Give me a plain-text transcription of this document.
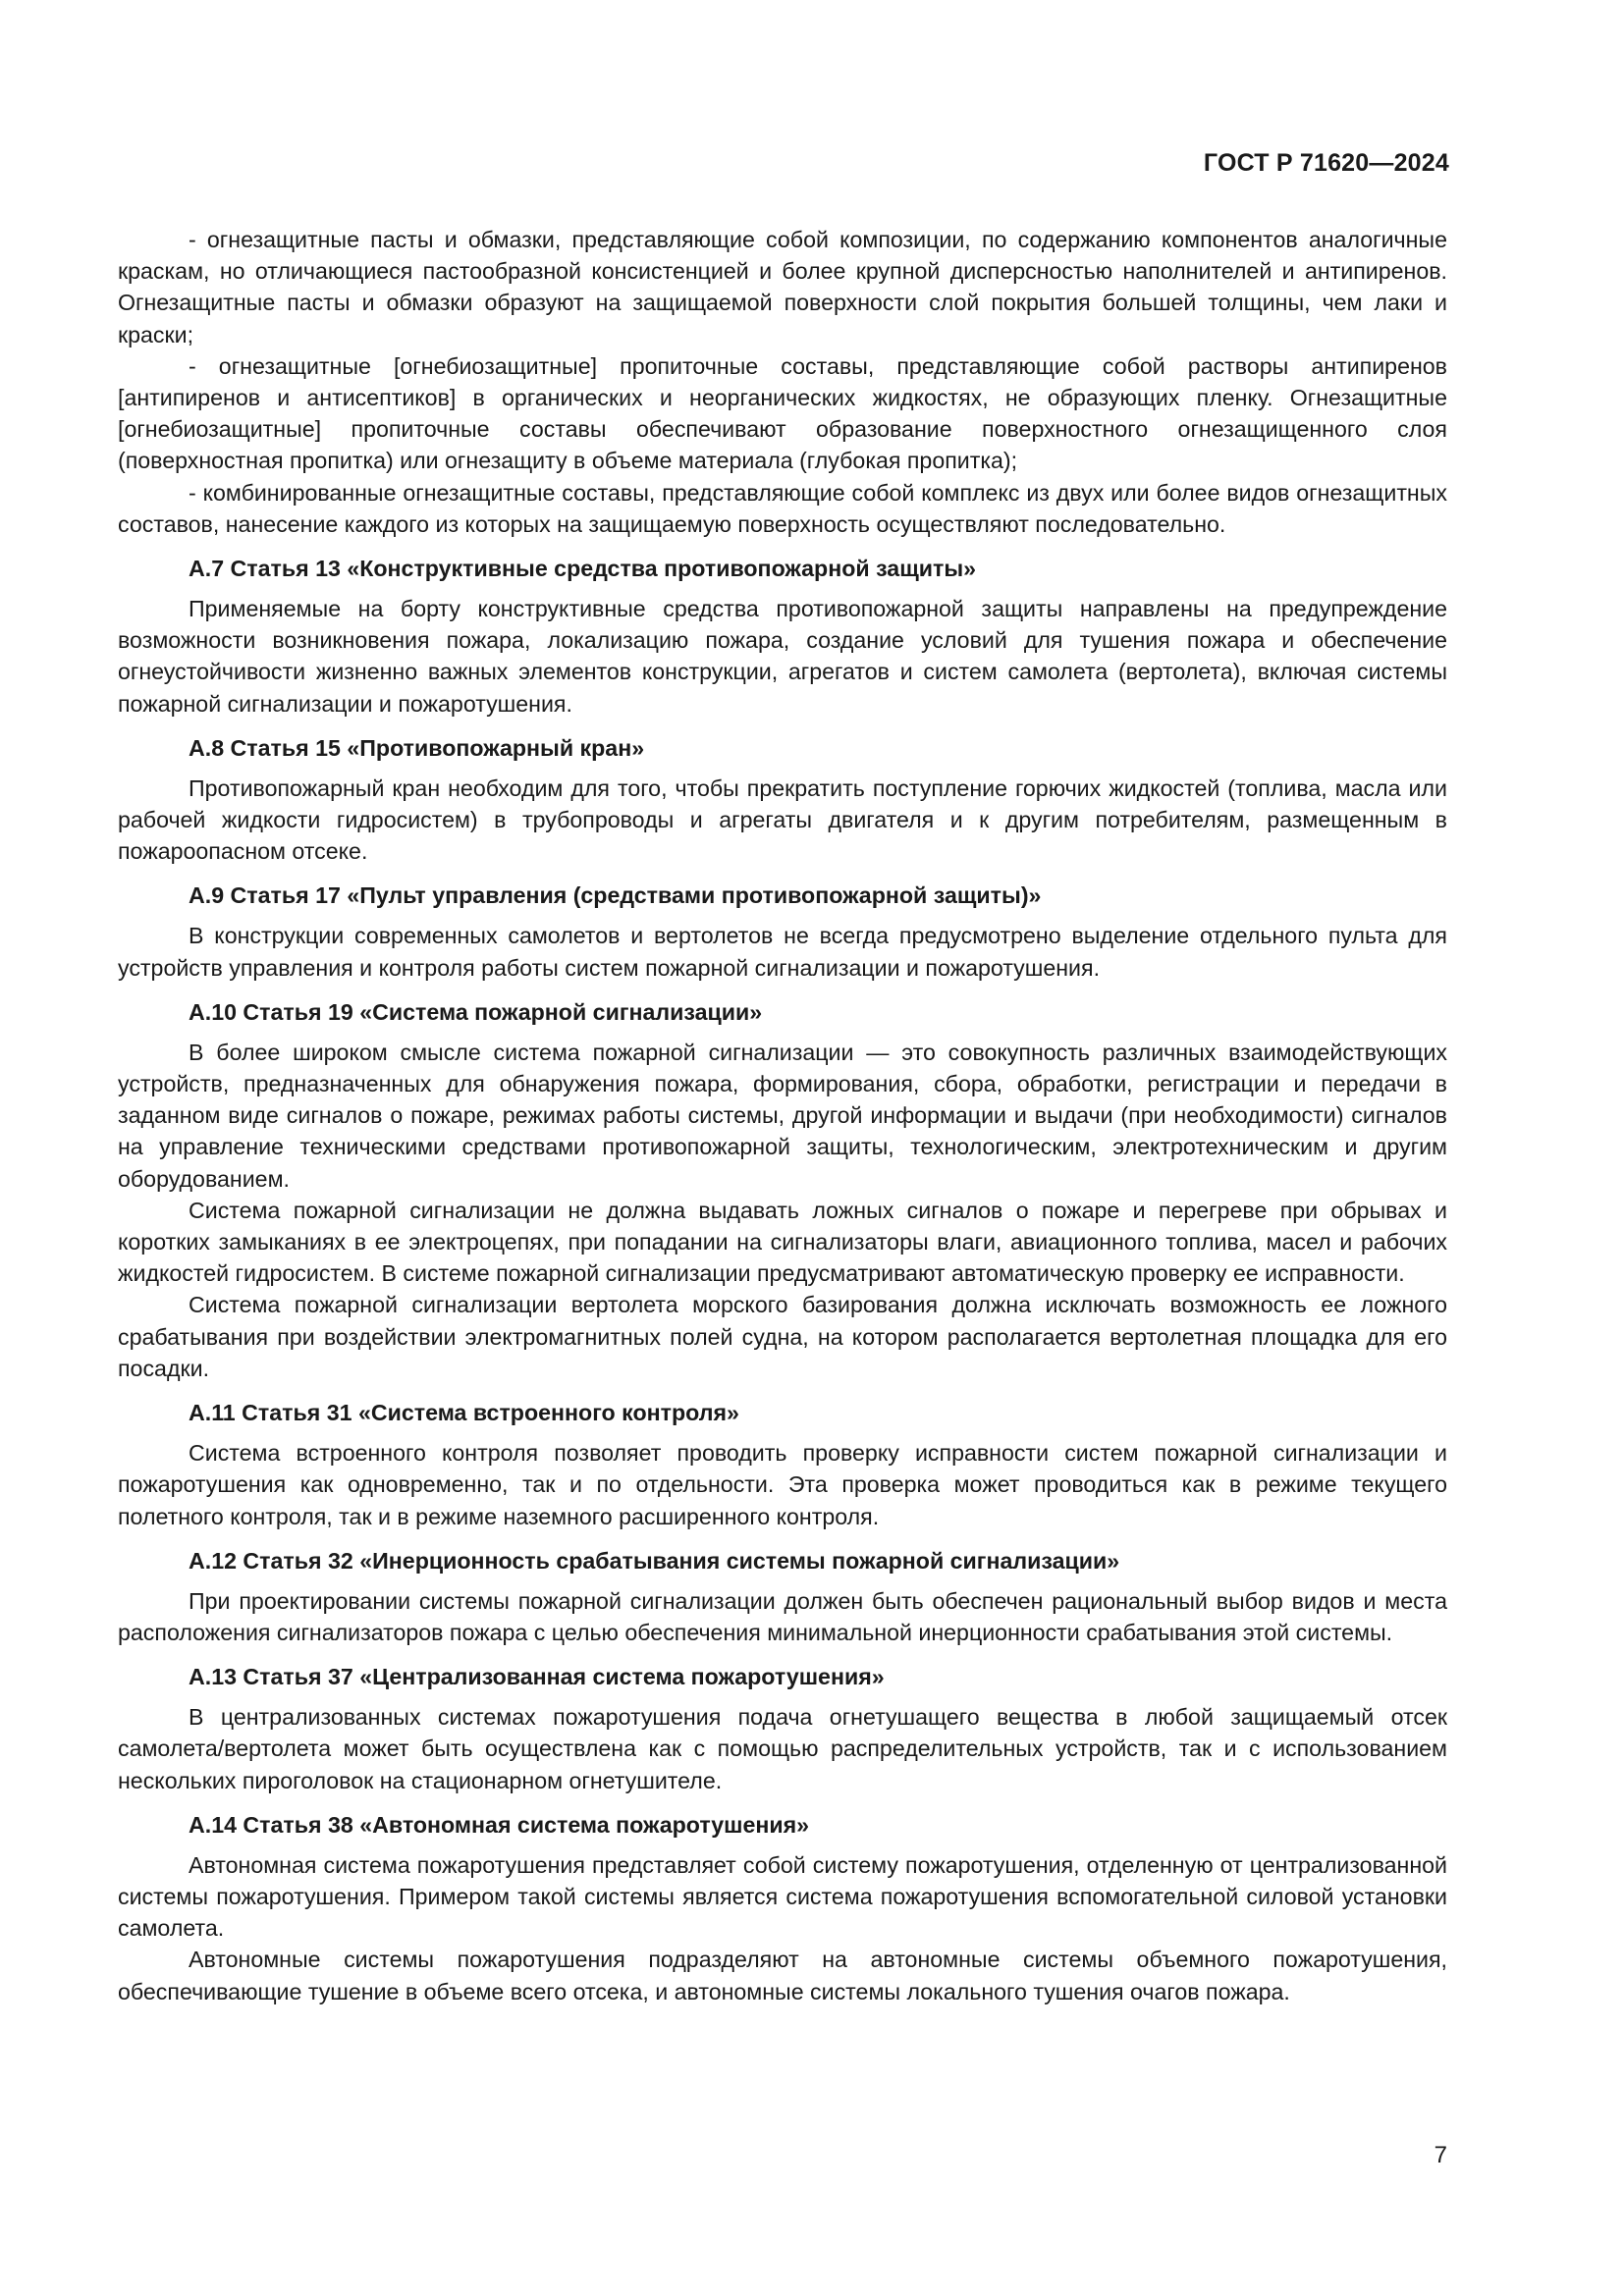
ГОСТ Р 71620—2024

- огнезащитные пасты и обмазки, представляющие собой композиции, по содержанию компонентов аналогичные краскам, но отличающиеся пастообразной консистенцией и более крупной дисперсностью наполнителей и антипиренов. Огнезащитные пасты и обмазки образуют на защищаемой поверхности слой покрытия большей толщины, чем лаки и краски;

- огнезащитные [огнебиозащитные] пропиточные составы, представляющие собой растворы антипиренов [антипиренов и антисептиков] в органических и неорганических жидкостях, не образующих пленку. Огнезащитные [огнебиозащитные] пропиточные составы обеспечивают образование поверхностного огнезащищенного слоя (поверхностная пропитка) или огнезащиту в объеме материала (глубокая пропитка);

- комбинированные огнезащитные составы, представляющие собой комплекс из двух или более видов огнезащитных составов, нанесение каждого из которых на защищаемую поверхность осуществляют последовательно.

А.7 Статья 13 «Конструктивные средства противопожарной защиты»

Применяемые на борту конструктивные средства противопожарной защиты направлены на предупреждение возможности возникновения пожара, локализацию пожара, создание условий для тушения пожара и обеспечение огнеустойчивости жизненно важных элементов конструкции, агрегатов и систем самолета (вертолета), включая системы пожарной сигнализации и пожаротушения.

А.8 Статья 15 «Противопожарный кран»

Противопожарный кран необходим для того, чтобы прекратить поступление горючих жидкостей (топлива, масла или рабочей жидкости гидросистем) в трубопроводы и агрегаты двигателя и к другим потребителям, размещенным в пожароопасном отсеке.

А.9 Статья 17 «Пульт управления (средствами противопожарной защиты)»

В конструкции современных самолетов и вертолетов не всегда предусмотрено выделение отдельного пульта для устройств управления и контроля работы систем пожарной сигнализации и пожаротушения.

А.10 Статья 19 «Система пожарной сигнализации»

В более широком смысле система пожарной сигнализации — это совокупность различных взаимодействующих устройств, предназначенных для обнаружения пожара, формирования, сбора, обработки, регистрации и передачи в заданном виде сигналов о пожаре, режимах работы системы, другой информации и выдачи (при необходимости) сигналов на управление техническими средствами противопожарной защиты, технологическим, электротехническим и другим оборудованием.

Система пожарной сигнализации не должна выдавать ложных сигналов о пожаре и перегреве при обрывах и коротких замыканиях в ее электроцепях, при попадании на сигнализаторы влаги, авиационного топлива, масел и рабочих жидкостей гидросистем. В системе пожарной сигнализации предусматривают автоматическую проверку ее исправности.

Система пожарной сигнализации вертолета морского базирования должна исключать возможность ее ложного срабатывания при воздействии электромагнитных полей судна, на котором располагается вертолетная площадка для его посадки.

А.11 Статья 31 «Система встроенного контроля»

Система встроенного контроля позволяет проводить проверку исправности систем пожарной сигнализации и пожаротушения как одновременно, так и по отдельности. Эта проверка может проводиться как в режиме текущего полетного контроля, так и в режиме наземного расширенного контроля.

А.12 Статья 32 «Инерционность срабатывания системы пожарной сигнализации»

При проектировании системы пожарной сигнализации должен быть обеспечен рациональный выбор видов и места расположения сигнализаторов пожара с целью обеспечения минимальной инерционности срабатывания этой системы.

А.13 Статья 37 «Централизованная система пожаротушения»

В централизованных системах пожаротушения подача огнетушащего вещества в любой защищаемый отсек самолета/вертолета может быть осуществлена как с помощью распределительных устройств, так и с использованием нескольких пироголовок на стационарном огнетушителе.

А.14 Статья 38 «Автономная система пожаротушения»

Автономная система пожаротушения представляет собой систему пожаротушения, отделенную от централизованной системы пожаротушения. Примером такой системы является система пожаротушения вспомогательной силовой установки самолета.

Автономные системы пожаротушения подразделяют на автономные системы объемного пожаротушения, обеспечивающие тушение в объеме всего отсека, и автономные системы локального тушения очагов пожара.

7
